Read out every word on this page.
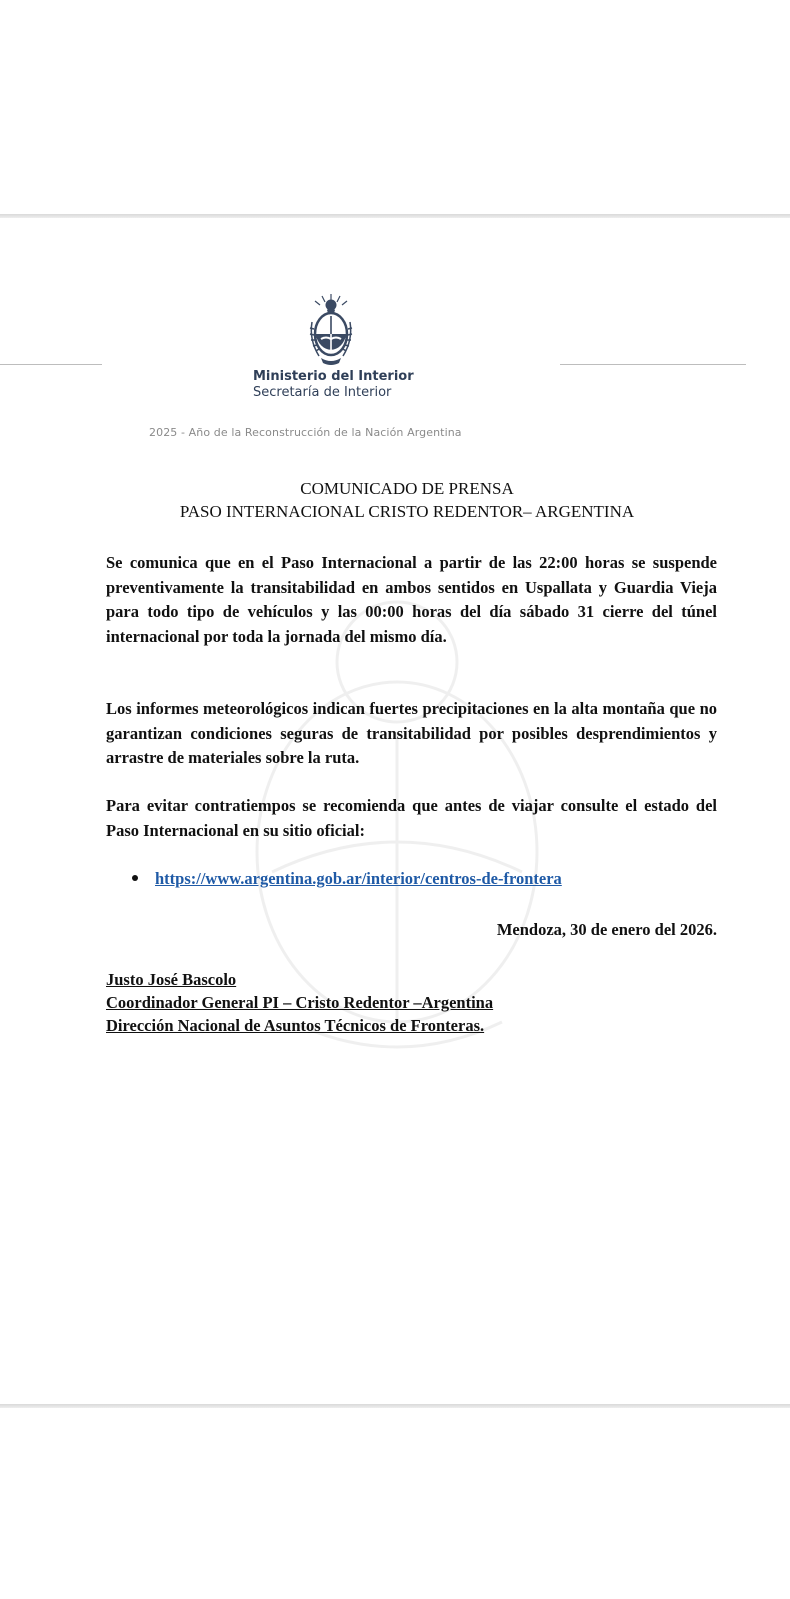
Ministerio del Interior
Secretaría de Interior
2025 - Año de la Reconstrucción de la Nación Argentina
COMUNICADO DE PRENSA
PASO INTERNACIONAL CRISTO REDENTOR– ARGENTINA
Se comunica que en el Paso Internacional a partir de las 22:00 horas se suspende preventivamente la transitabilidad en ambos sentidos en Uspallata y Guardia Vieja para todo tipo de vehículos y las 00:00 horas del día sábado 31 cierre del túnel internacional por toda la jornada del mismo día.
Los informes meteorológicos indican fuertes precipitaciones en la alta montaña que no garantizan condiciones seguras de transitabilidad por posibles desprendimientos y arrastre de materiales sobre la ruta.
Para evitar contratiempos se recomienda que antes de viajar consulte el estado del Paso Internacional en su sitio oficial:
https://www.argentina.gob.ar/interior/centros-de-frontera
Mendoza, 30 de enero del 2026.
Justo José Bascolo
Coordinador General PI – Cristo Redentor –Argentina
Dirección Nacional de Asuntos Técnicos de Fronteras.
